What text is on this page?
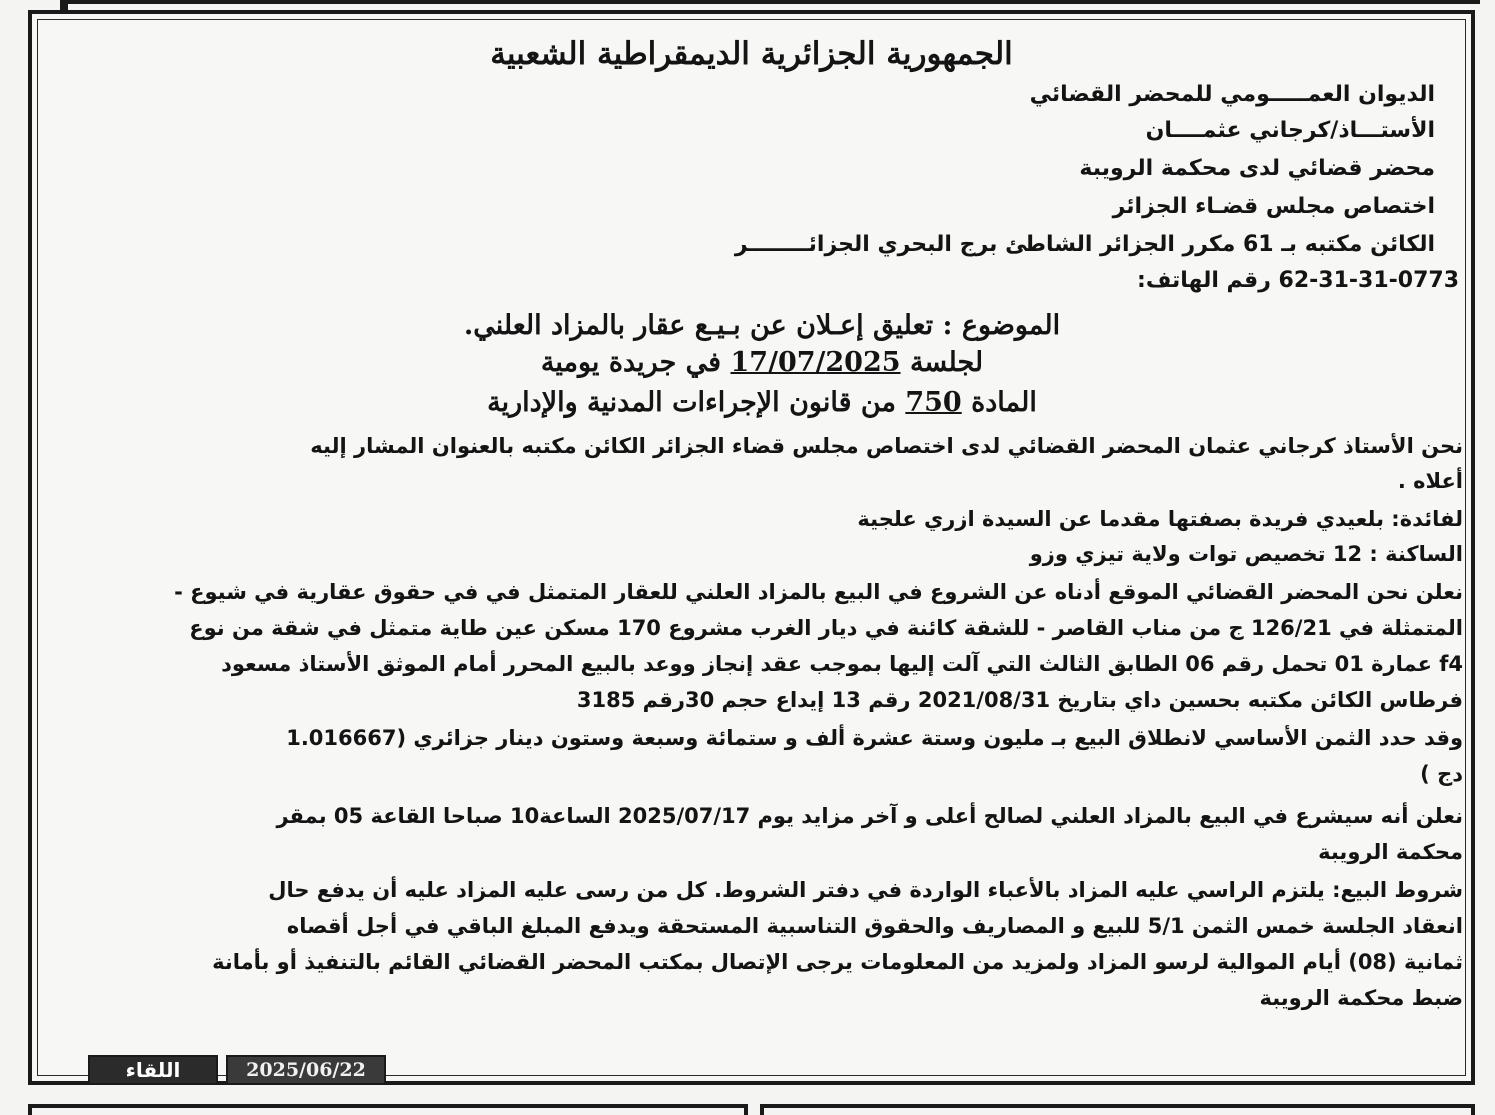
الجمهورية الجزائرية الديمقراطية الشعبية
الديوان العمـــــومي للمحضر القضائي
الأستـــاذ/كرجاني عثمــــان
محضر قضائي لدى محكمة الرويبة
اختصاص مجلس قضـاء الجزائر
الكائن مكتبه بـ 61 مكرر الجزائر الشاطئ برج البحري الجزائــــــــر
62-31-31-0773 رقم الهاتف:
الموضوع : تعليق إعـلان عن بـيـع عقار بالمزاد العلني.
لجلسة 17/07/2025 في جريدة يومية
المادة 750 من قانون الإجراءات المدنية والإدارية
نحن الأستاذ كرجاني عثمان المحضر القضائي لدى اختصاص مجلس قضاء الجزائر الكائن مكتبه بالعنوان المشار إليه
أعلاه .
لفائدة: بلعيدي فريدة بصفتها مقدما عن السيدة ازري علجية
الساكنة : 12 تخصيص توات ولاية تيزي وزو
نعلن نحن المحضر القضائي الموقع أدناه عن الشروع في البيع بالمزاد العلني للعقار المتمثل في في حقوق عقارية في شيوع -
المتمثلة في 126/21 ج من مناب القاصر - للشقة كائنة في ديار الغرب مشروع 170 مسكن عين طاية متمثل في شقة من نوع
f4 عمارة 01 تحمل رقم 06 الطابق الثالث التي آلت إليها بموجب عقد إنجاز ووعد بالبيع المحرر أمام الموثق الأستاذ مسعود
فرطاس الكائن مكتبه بحسين داي بتاريخ 2021/08/31 رقم 13 إيداع حجم 30رقم 3185
وقد حدد الثمن الأساسي لانطلاق البيع بـ مليون وستة عشرة ألف و ستمائة وسبعة وستون دينار جزائري (1.016667
دج )
نعلن أنه سيشرع في البيع بالمزاد العلني لصالح أعلى و آخر مزايد يوم 2025/07/17 الساعة10 صباحا القاعة 05 بمقر
محكمة الرويبة
شروط البيع: يلتزم الراسي عليه المزاد بالأعباء الواردة في دفتر الشروط. كل من رسى عليه المزاد عليه أن يدفع حال
انعقاد الجلسة خمس الثمن 5/1 للبيع و المصاريف والحقوق التناسبية المستحقة ويدفع المبلغ الباقي في أجل أقصاه
ثمانية (08) أيام الموالية لرسو المزاد ولمزيد من المعلومات يرجى الإتصال بمكتب المحضر القضائي القائم بالتنفيذ أو بأمانة
ضبط محكمة الرويبة
2025/06/22
اللقاء
